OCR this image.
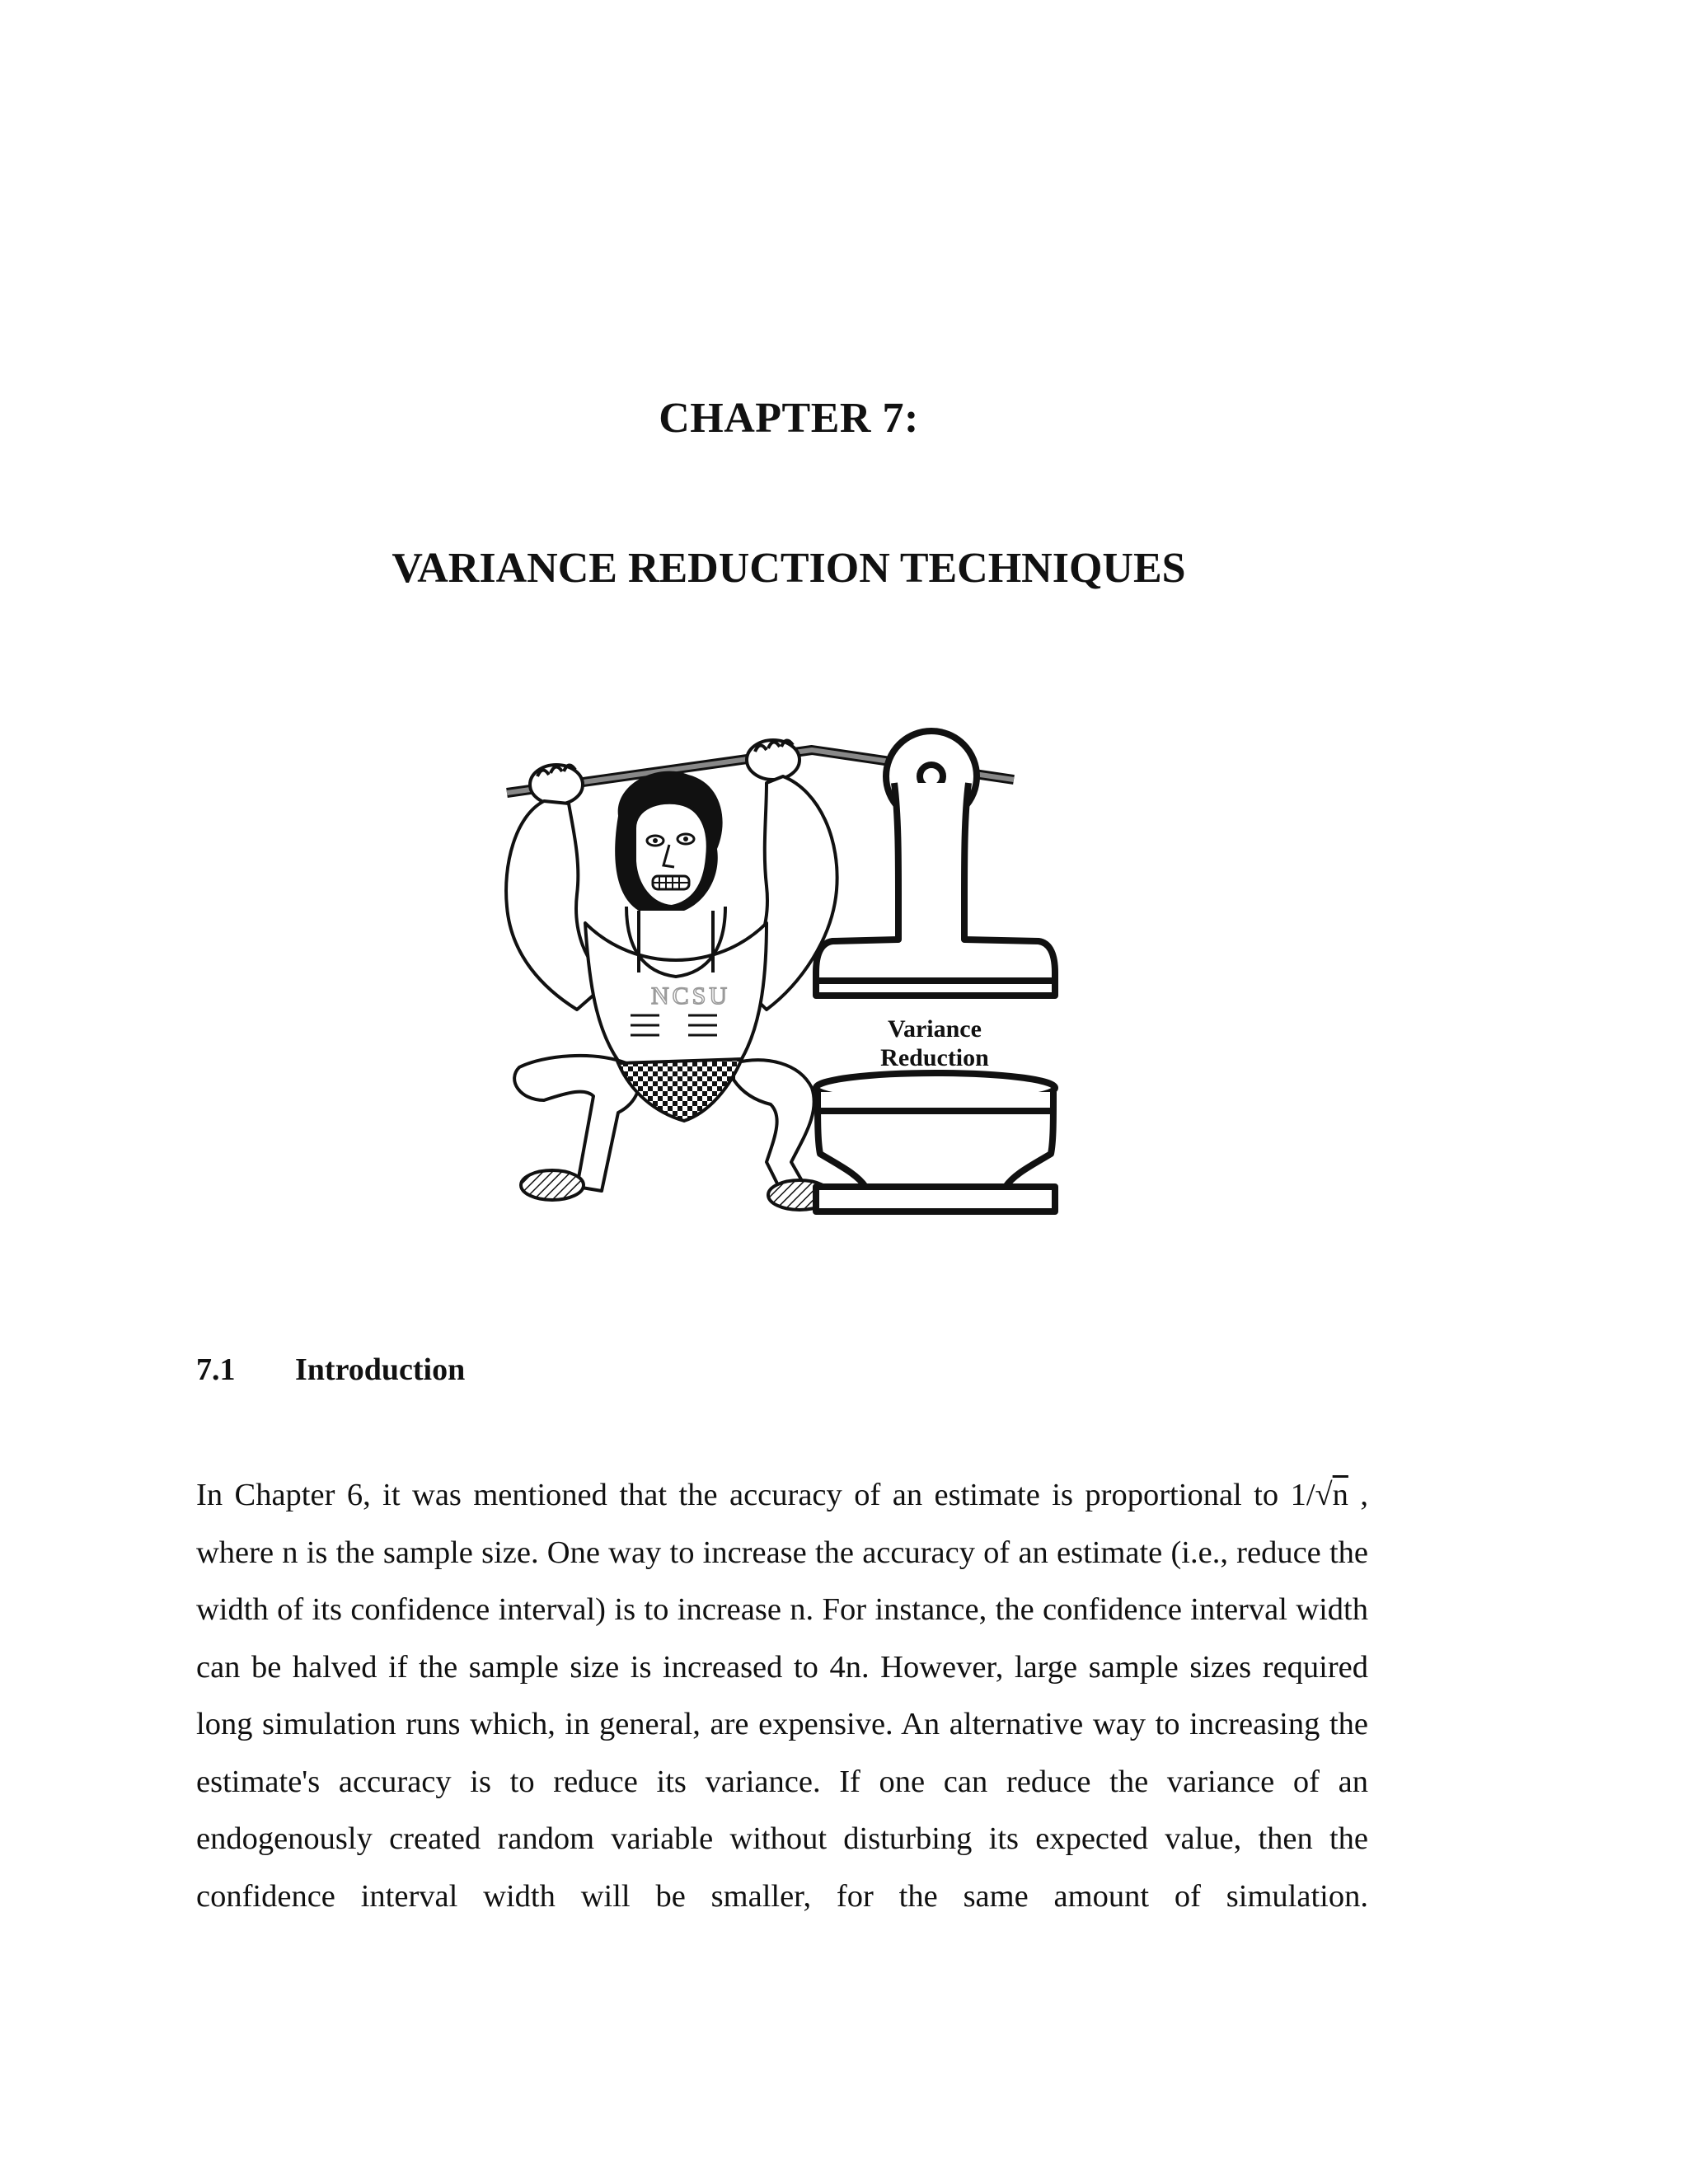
CHAPTER 7:
VARIANCE REDUCTION TECHNIQUES
NCSU
Variance
Reduction
7.1 Introduction
In Chapter 6, it was mentioned that the accuracy of an estimate is proportional to 1/√n , where n is the sample size. One way to increase the accuracy of an estimate (i.e., reduce the width of its confidence interval) is to increase n. For instance, the confidence interval width can be halved if the sample size is increased to 4n. However, large sample sizes required long simulation runs which, in general, are expensive. An alternative way to increasing the estimate's accuracy is to reduce its variance. If one can reduce the variance of an endogenously created random variable without disturbing its expected value, then the confidence interval width will be smaller, for the same amount of simulation.
